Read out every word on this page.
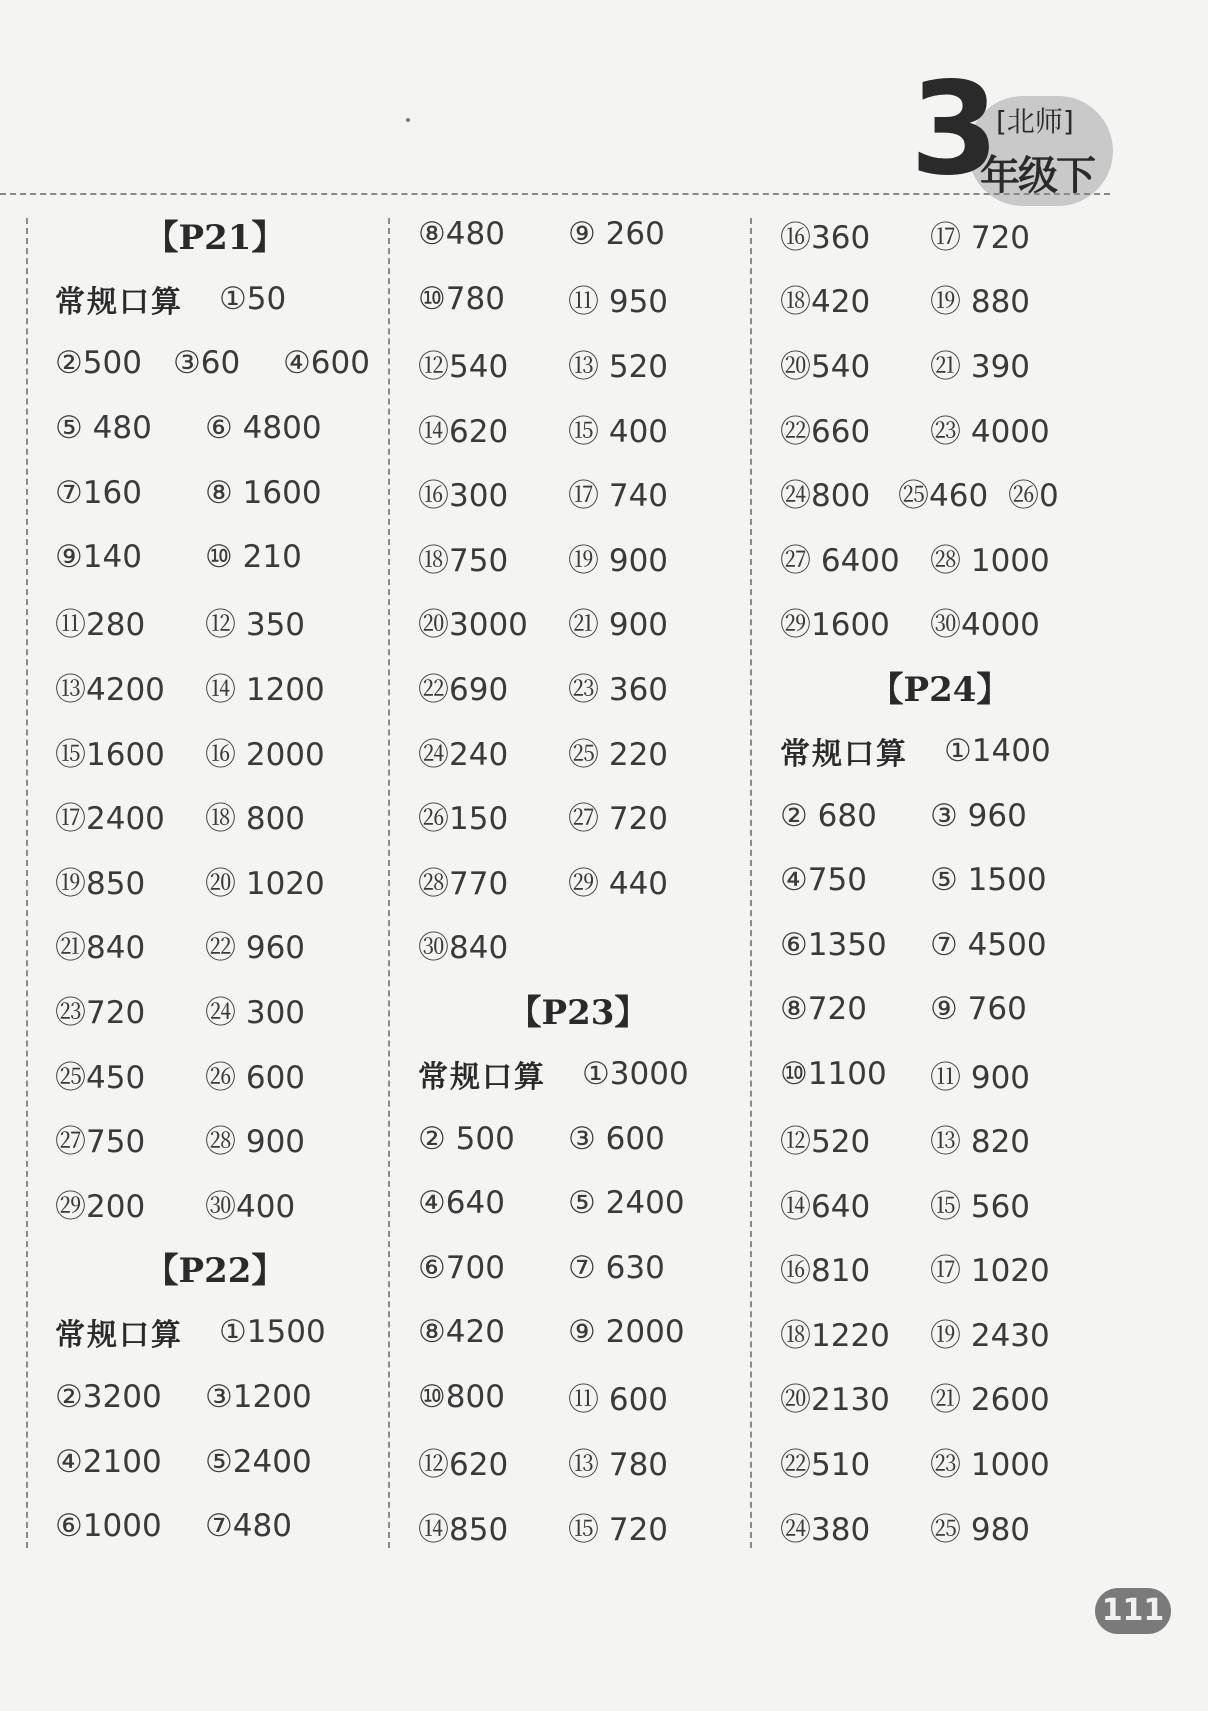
3
[北师]
年级下
【P21】
常规口算 ①50
②500	③60	④600
⑤ 480	⑥ 4800
⑦160	⑧ 1600
⑨140	⑩ 210
⑪280	⑫ 350
⑬4200	⑭ 1200
⑮1600	⑯ 2000
⑰2400	⑱ 800
⑲850	⑳ 1020
㉑840	㉒ 960
㉓720	㉔ 300
㉕450	㉖ 600
㉗750	㉘ 900
㉙200	㉚400
【P22】
常规口算 ①1500
②3200	③1200
④2100	⑤2400
⑥1000	⑦480
⑧480	⑨ 260
⑩780	⑪ 950
⑫540	⑬ 520
⑭620	⑮ 400
⑯300	⑰ 740
⑱750	⑲ 900
⑳3000	㉑ 900
㉒690	㉓ 360
㉔240	㉕ 220
㉖150	㉗ 720
㉘770	㉙ 440
㉚840
【P23】
常规口算 ①3000
② 500	③ 600
④640	⑤ 2400
⑥700	⑦ 630
⑧420	⑨ 2000
⑩800	⑪ 600
⑫620	⑬ 780
⑭850	⑮ 720
⑯360	⑰ 720
⑱420	⑲ 880
⑳540	㉑ 390
㉒660	㉓ 4000
㉔800 ㉕460 ㉖0
㉗ 6400 ㉘ 1000
㉙1600	㉚4000
【P24】
常规口算 ①1400
② 680	③ 960
④750	⑤ 1500
⑥1350	⑦ 4500
⑧720	⑨ 760
⑩1100	⑪ 900
⑫520	⑬ 820
⑭640	⑮ 560
⑯810	⑰ 1020
⑱1220	⑲ 2430
⑳2130	㉑ 2600
㉒510	㉓ 1000
㉔380	㉕ 980
111
